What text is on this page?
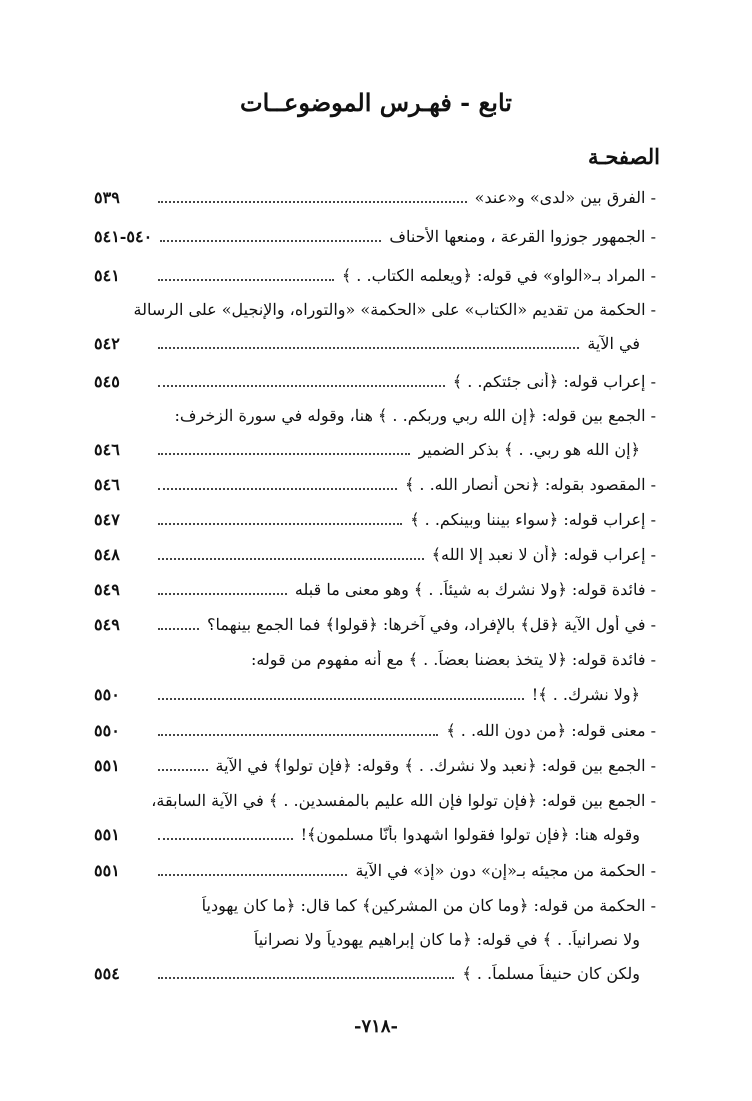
تابع - فهـرس الموضوعــات
الصفحـة
- الفرق بين «لدى» و«عند»
٥٣٩
- الجمهور جوزوا القرعة ، ومنعها الأحناف
٥٤٠-٥٤١
- المراد بـ«الواو» في قوله: ﴿ويعلمه الكتاب. . ﴾
٥٤١
- الحكمة من تقديم «الكتاب» على «الحكمة» «والتوراه، والإنجيل» على الرسالة
في الآية
٥٤٢
- إعراب قوله: ﴿أنى جئتكم. . ﴾
٥٤٥
- الجمع بين قوله: ﴿إن الله ربي وربكم. . ﴾ هنا، وقوله في سورة الزخرف:
﴿إن الله هو ربي. . ﴾ بذكر الضمير
٥٤٦
- المقصود بقوله: ﴿نحن أنصار الله. . ﴾
٥٤٦
- إعراب قوله: ﴿سواء بيننا وبينكم. . ﴾
٥٤٧
- إعراب قوله: ﴿أن لا نعبد إلا الله﴾
٥٤٨
- فائدة قوله: ﴿ولا نشرك به شيئاً. . ﴾ وهو معنى ما قبله
٥٤٩
- في أول الآية ﴿قل﴾ بالإفراد، وفي آخرها: ﴿قولوا﴾ فما الجمع بينهما؟
٥٤٩
- فائدة قوله: ﴿لا يتخذ بعضنا بعضاً. . ﴾ مع أنه مفهوم من قوله:
﴿ولا نشرك. . ﴾!
٥٥٠
- معنى قوله: ﴿من دون الله. . ﴾
٥٥٠
- الجمع بين قوله: ﴿نعبد ولا نشرك. . ﴾ وقوله: ﴿فإن تولوا﴾ في الآية
٥٥١
- الجمع بين قوله: ﴿فإن تولوا فإن الله عليم بالمفسدين. . ﴾ في الآية السابقة،
وقوله هنا: ﴿فإن تولوا فقولوا اشهدوا بأنّا مسلمون﴾!
٥٥١
- الحكمة من مجيئه بـ«إن» دون «إذ» في الآية
٥٥١
- الحكمة من قوله: ﴿وما كان من المشركين﴾ كما قال: ﴿ما كان يهودياً
ولا نصرانياً. . ﴾ في قوله: ﴿ما كان إبراهيم يهودياً ولا نصرانياً
ولكن كان حنيفاً مسلماً. . ﴾
٥٥٤
-٧١٨-
